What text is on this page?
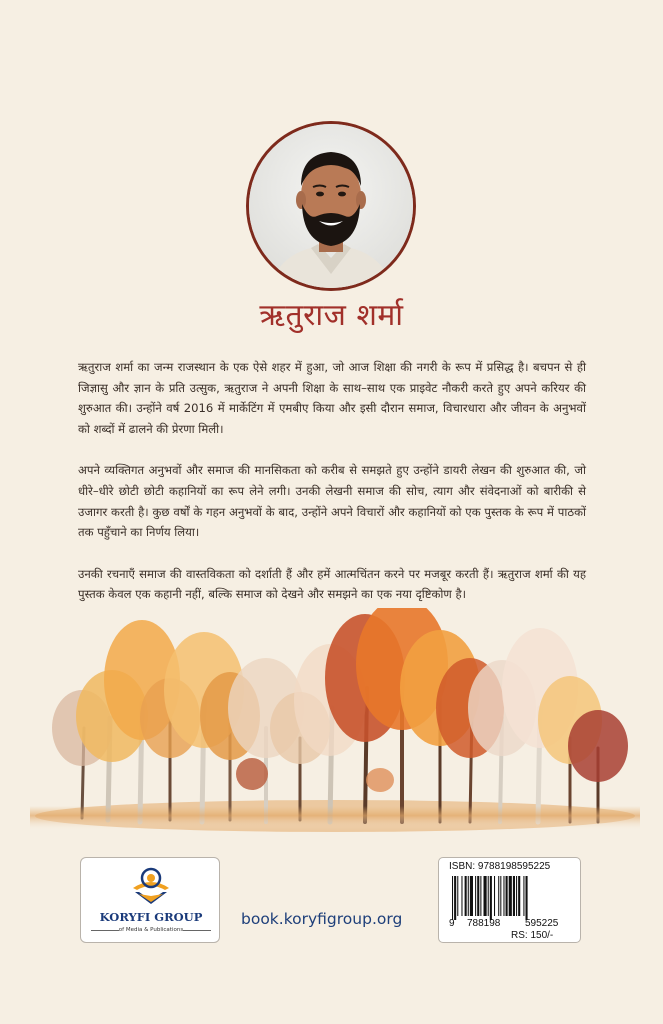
ऋतुराज शर्मा

ऋतुराज शर्मा का जन्म राजस्थान के एक ऐसे शहर में हुआ, जो आज शिक्षा की नगरी के रूप में प्रसिद्ध है। बचपन से ही जिज्ञासु और ज्ञान के प्रति उत्सुक, ऋतुराज ने अपनी शिक्षा के साथ–साथ एक प्राइवेट नौकरी करते हुए अपने करियर की शुरुआत की। उन्होंने वर्ष 2016 में मार्केटिंग में एमबीए किया और इसी दौरान समाज, विचारधारा और जीवन के अनुभवों को शब्दों में ढालने की प्रेरणा मिली।

अपने व्यक्तिगत अनुभवों और समाज की मानसिकता को करीब से समझते हुए उन्होंने डायरी लेखन की शुरुआत की, जो धीरे–धीरे छोटी छोटी कहानियों का रूप लेने लगी। उनकी लेखनी समाज की सोच, त्याग और संवेदनाओं को बारीकी से उजागर करती है। कुछ वर्षों के गहन अनुभवों के बाद, उन्होंने अपने विचारों और कहानियों को एक पुस्तक के रूप में पाठकों तक पहुँचाने का निर्णय लिया।

उनकी रचनाएँ समाज की वास्तविकता को दर्शाती हैं और हमें आत्मचिंतन करने पर मजबूर करती हैं। ऋतुराज शर्मा की यह पुस्तक केवल एक कहानी नहीं, बल्कि समाज को देखने और समझने का एक नया दृष्टिकोण है।

KORYFI GROUP
of Media & Publications
book.koryfigroup.org
ISBN: 9788198595225
9 788198 595225
RS: 150/-
